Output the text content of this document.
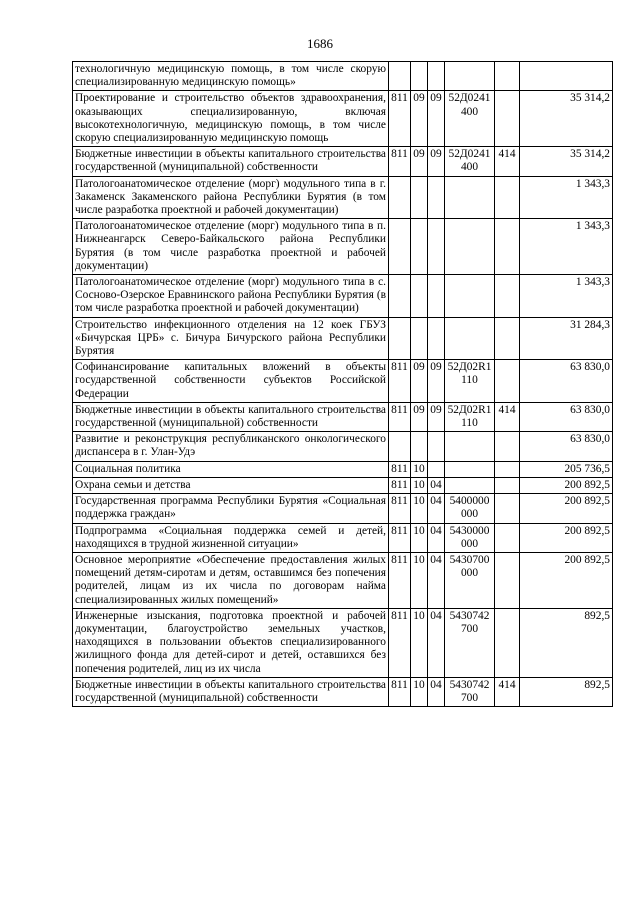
1686
технологичную медицинскую помощь, в том числе скорую специализированную медицинскую помощь»						
Проектирование и строительство объектов здравоохранения, оказывающих специализированную, включая высокотехнологичную, медицинскую помощь, в том числе скорую специализированную медицинскую помощь	811	09	09	52Д0241 400		35 314,2
Бюджетные инвестиции в объекты капитального строительства государственной (муниципальной) собственности	811	09	09	52Д0241 400	414	35 314,2
Патологоанатомическое отделение (морг) модульного типа в г. Закаменск Закаменского района Республики Бурятия (в том числе разработка проектной и рабочей документации)						1 343,3
Патологоанатомическое отделение (морг) модульного типа в п. Нижнеангарск Северо-Байкальского района Республики Бурятия (в том числе разработка проектной и рабочей документации)						1 343,3
Патологоанатомическое отделение (морг) модульного типа в с. Сосново-Озерское Еравнинского района Республики Бурятия (в том числе разработка проектной и рабочей документации)						1 343,3
Строительство инфекционного отделения на 12 коек ГБУЗ «Бичурская ЦРБ» с. Бичура Бичурского района Республики Бурятия						31 284,3
Софинансирование капитальных вложений в объекты государственной собственности субъектов Российской Федерации	811	09	09	52Д02R1 110		63 830,0
Бюджетные инвестиции в объекты капитального строительства государственной (муниципальной) собственности	811	09	09	52Д02R1 110	414	63 830,0
Развитие и реконструкция республиканского онкологического диспансера в г. Улан-Удэ						63 830,0
Социальная политика	811	10				205 736,5
Охрана семьи и детства	811	10	04			200 892,5
Государственная программа Республики Бурятия «Социальная поддержка граждан»	811	10	04	5400000 000		200 892,5
Подпрограмма «Социальная поддержка семей и детей, находящихся в трудной жизненной ситуации»	811	10	04	5430000 000		200 892,5
Основное мероприятие «Обеспечение предоставления жилых помещений детям-сиротам и детям, оставшимся без попечения родителей, лицам из их числа по договорам найма специализированных жилых помещений»	811	10	04	5430700 000		200 892,5
Инженерные изыскания, подготовка проектной и рабочей документации, благоустройство земельных участков, находящихся в пользовании объектов специализированного жилищного фонда для детей-сирот и детей, оставшихся без попечения родителей, лиц из их числа	811	10	04	5430742 700		892,5
Бюджетные инвестиции в объекты капитального строительства государственной (муниципальной) собственности	811	10	04	5430742 700	414	892,5
